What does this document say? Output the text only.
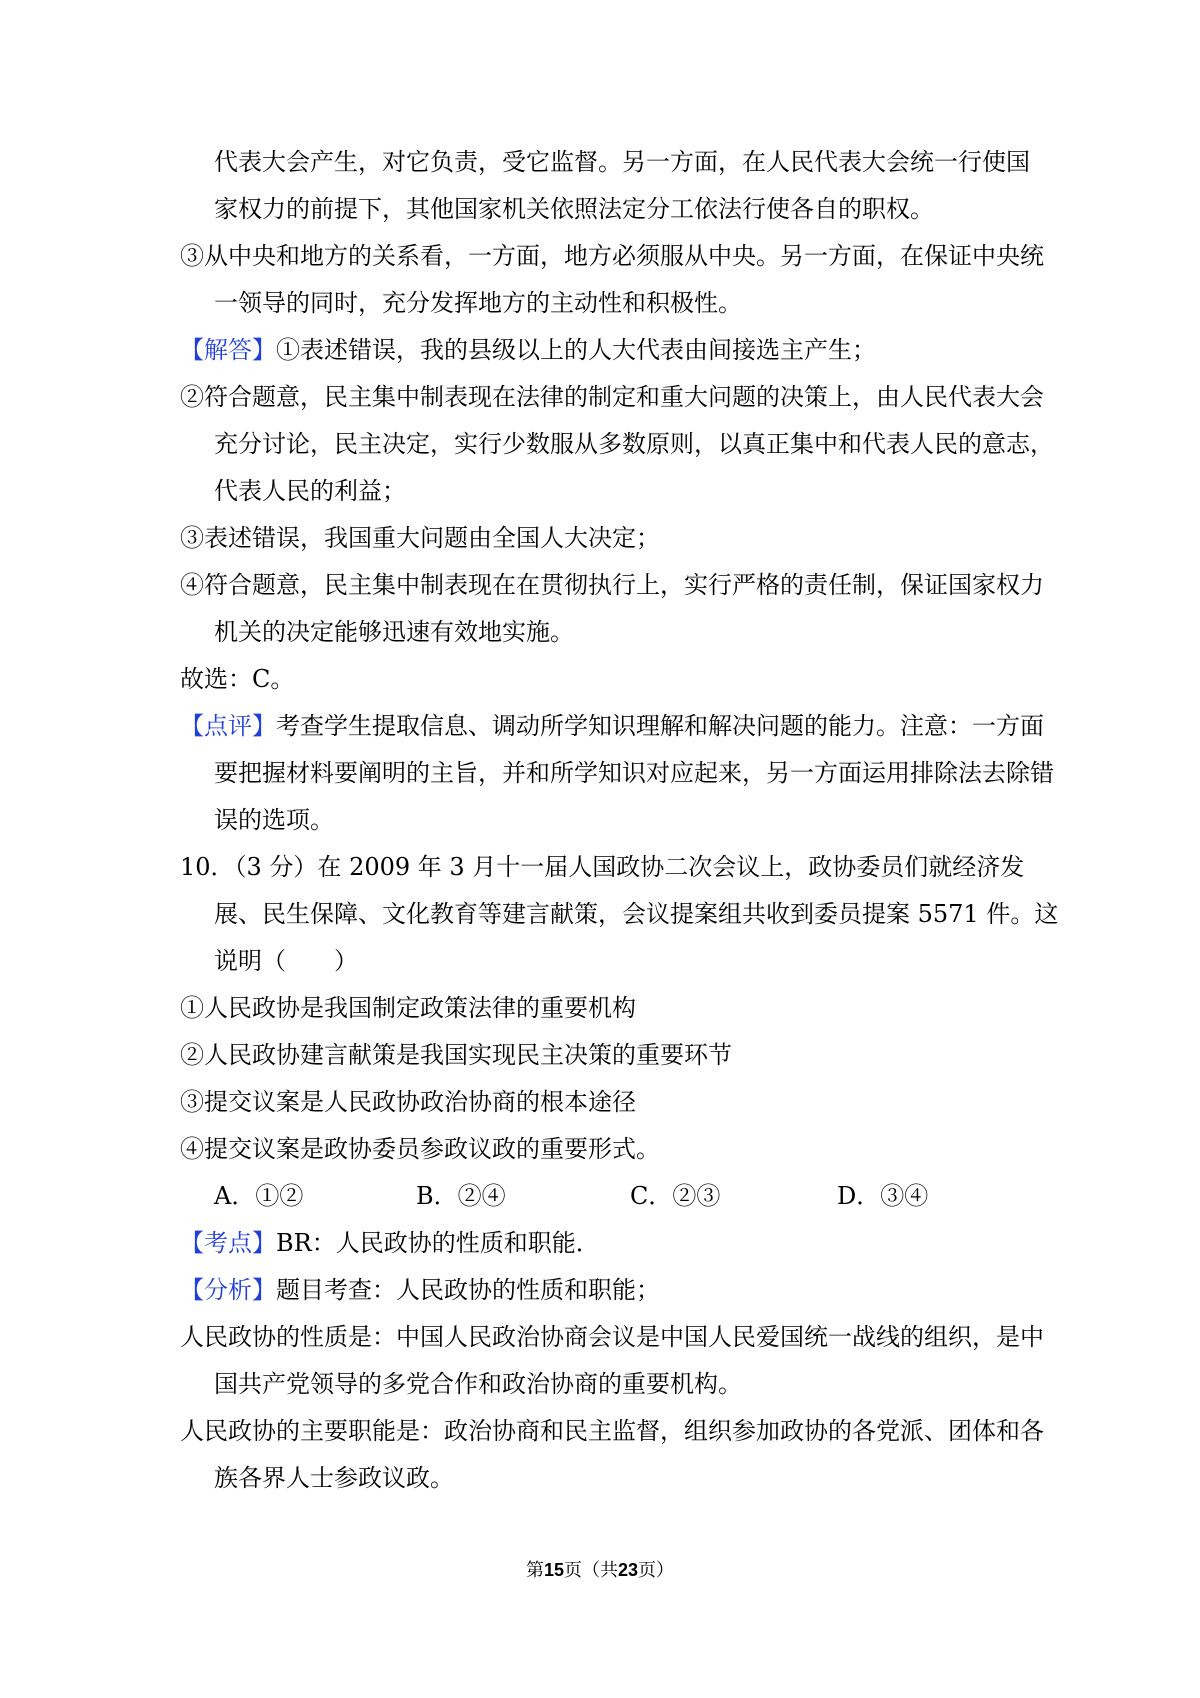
代表大会产生，对它负责，受它监督。另一方面，在人民代表大会统一行使国家权力的前提下，其他国家机关依照法定分工依法行使各自的职权。
③从中央和地方的关系看，一方面，地方必须服从中央。另一方面，在保证中央统一领导的同时，充分发挥地方的主动性和积极性。
【解答】①表述错误，我的县级以上的人大代表由间接选主产生；
②符合题意，民主集中制表现在法律的制定和重大问题的决策上，由人民代表大会充分讨论，民主决定，实行少数服从多数原则，以真正集中和代表人民的意志，代表人民的利益；
③表述错误，我国重大问题由全国人大决定；
④符合题意，民主集中制表现在在贯彻执行上，实行严格的责任制，保证国家权力机关的决定能够迅速有效地实施。
故选：C。
【点评】考查学生提取信息、调动所学知识理解和解决问题的能力。注意：一方面要把握材料要阐明的主旨，并和所学知识对应起来，另一方面运用排除法去除错误的选项。
10．（3 分）在 2009 年 3 月十一届人国政协二次会议上，政协委员们就经济发展、民生保障、文化教育等建言献策，会议提案组共收到委员提案 5571 件。这说明（　　）
①人民政协是我国制定政策法律的重要机构
②人民政协建言献策是我国实现民主决策的重要环节
③提交议案是人民政协政治协商的根本途径
④提交议案是政协委员参政议政的重要形式。
A．①②	B．②④	C．②③	D．③④
【考点】BR：人民政协的性质和职能．
【分析】题目考查：人民政协的性质和职能；
人民政协的性质是：中国人民政治协商会议是中国人民爱国统一战线的组织，是中国共产党领导的多党合作和政治协商的重要机构。
人民政协的主要职能是：政治协商和民主监督，组织参加政协的各党派、团体和各族各界人士参政议政。
第15页（共23页）
